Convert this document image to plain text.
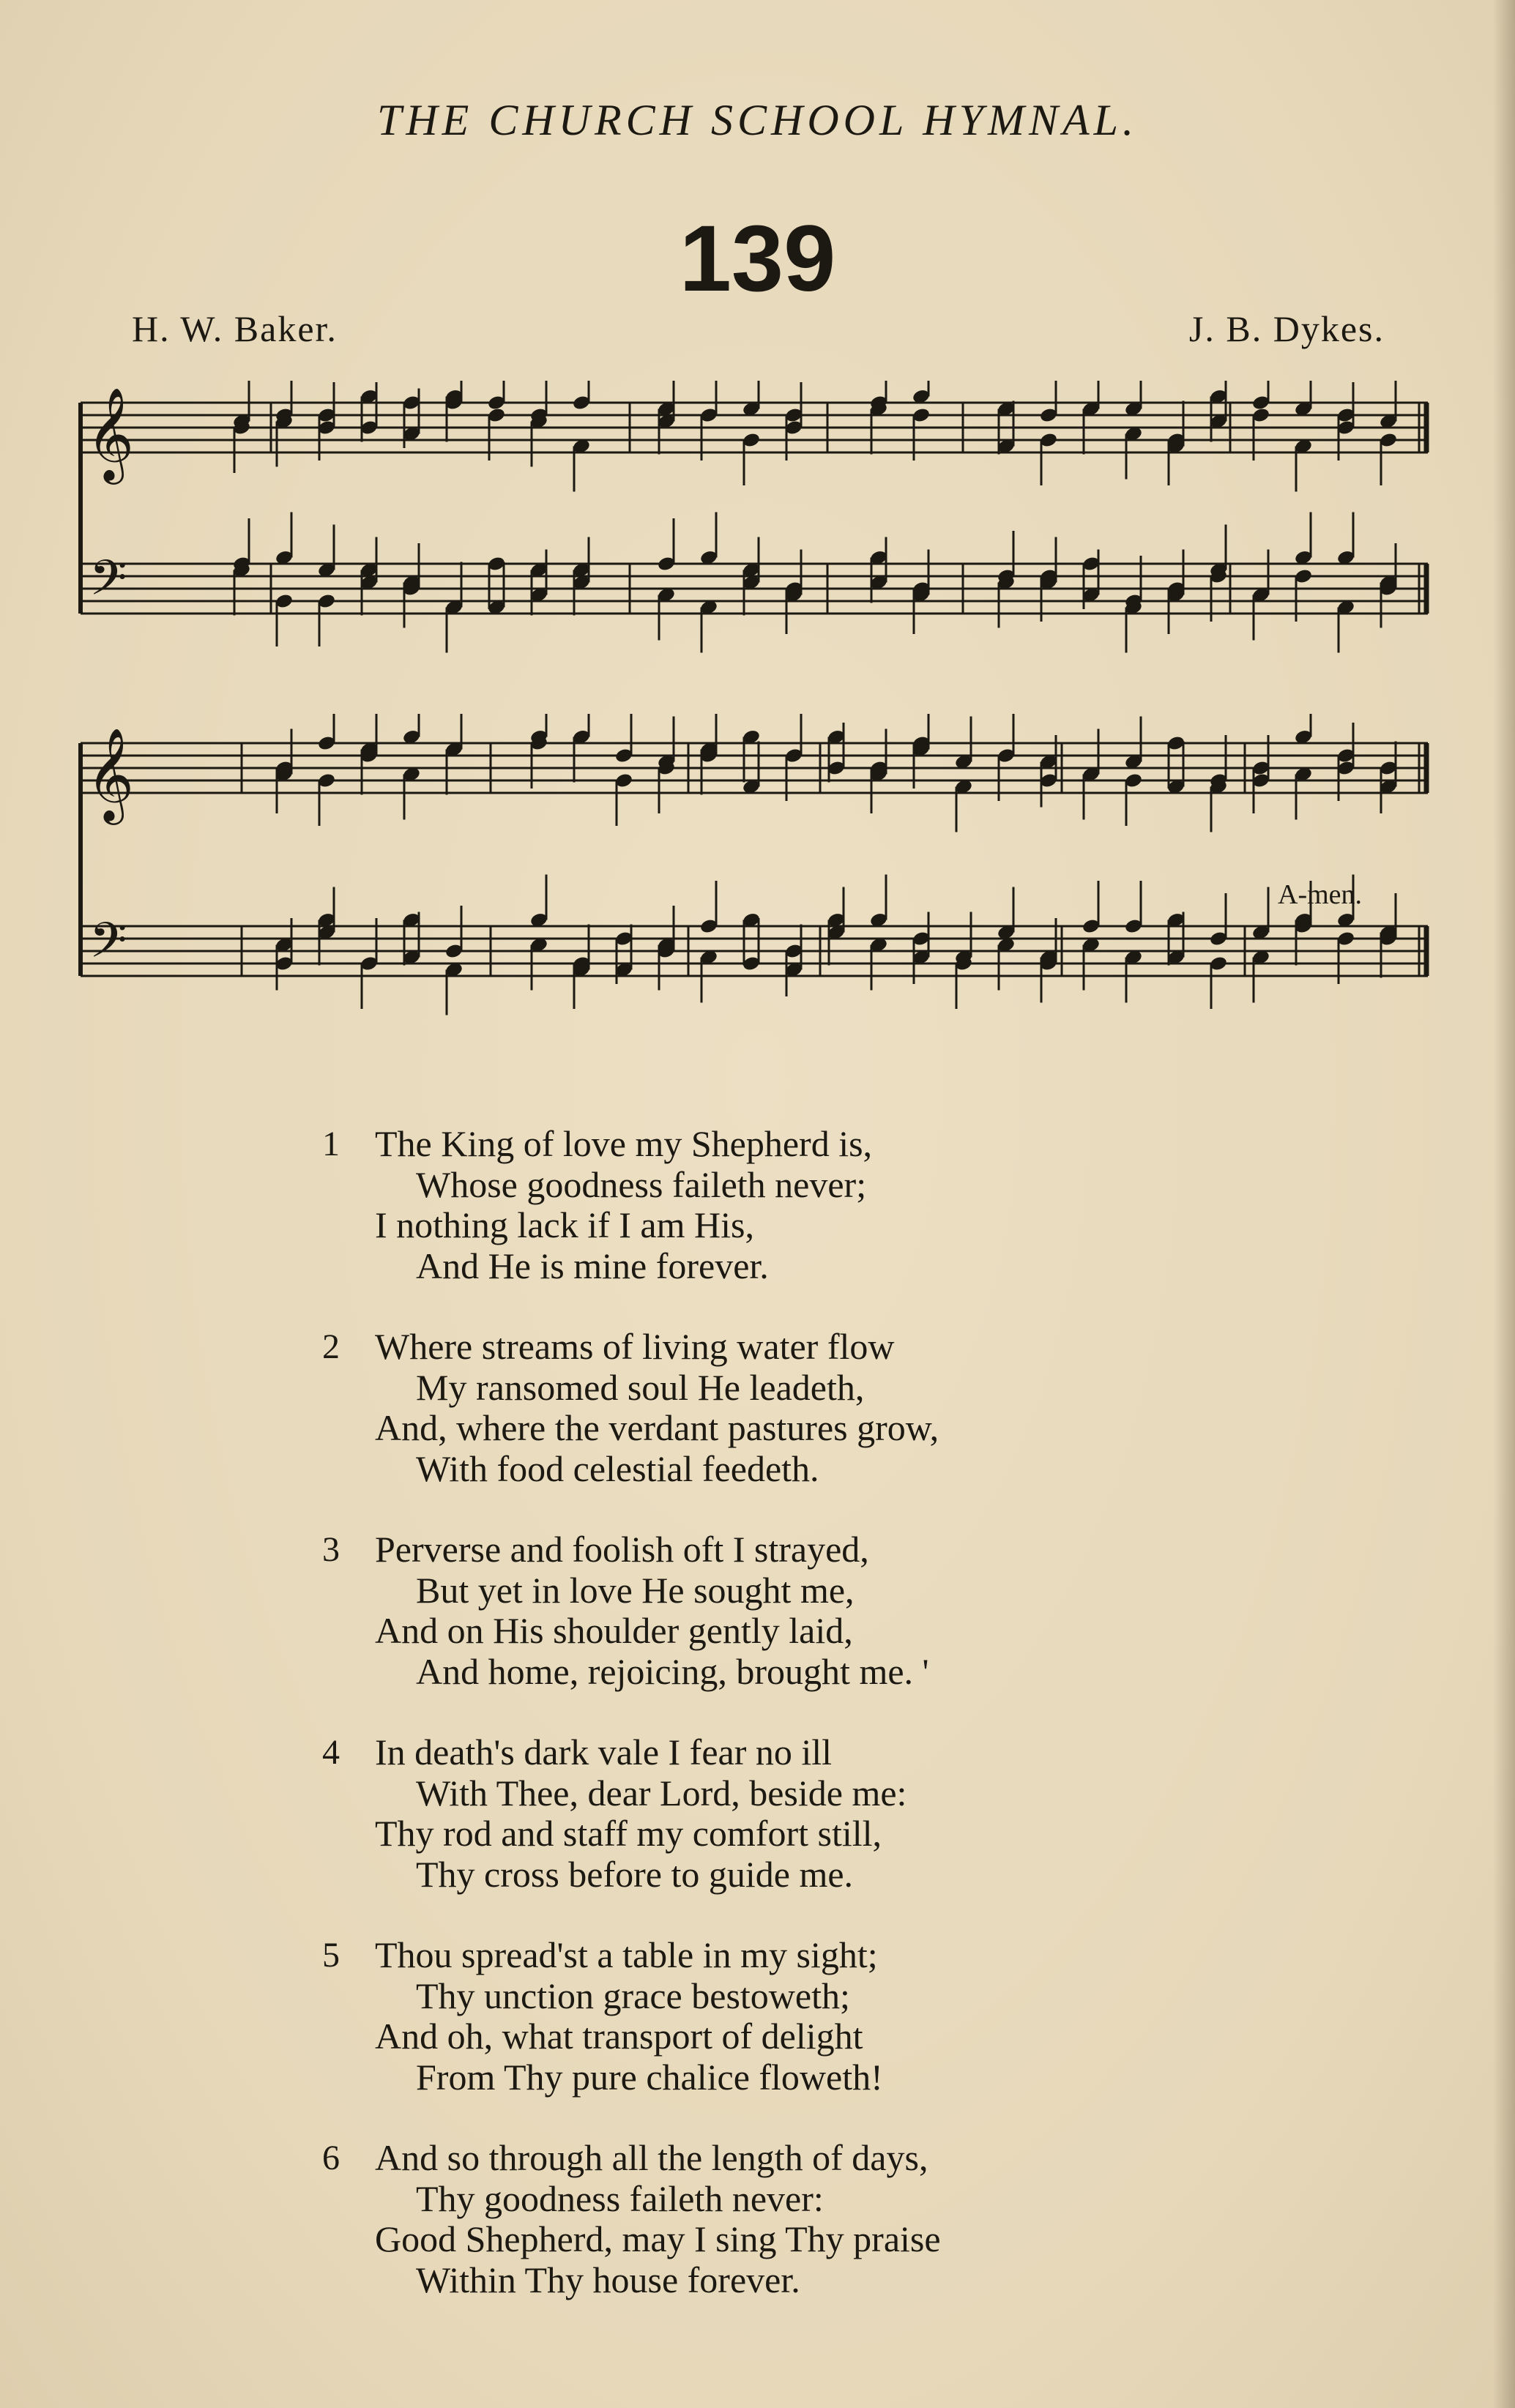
THE CHURCH SCHOOL HYMNAL.
139
H. W. Baker.	J. B. Dykes.
𝄞
𝄢
𝄞
𝄢
A-men.
1 The King of love my Shepherd is,
Whose goodness faileth never;
I nothing lack if I am His,
And He is mine forever.
2 Where streams of living water flow
My ransomed soul He leadeth,
And, where the verdant pastures grow,
With food celestial feedeth.
3 Perverse and foolish oft I strayed,
But yet in love He sought me,
And on His shoulder gently laid,
And home, rejoicing, brought me. '
4 In death's dark vale I fear no ill
With Thee, dear Lord, beside me:
Thy rod and staff my comfort still,
Thy cross before to guide me.
5 Thou spread'st a table in my sight;
Thy unction grace bestoweth;
And oh, what transport of delight
From Thy pure chalice floweth!
6 And so through all the length of days,
Thy goodness faileth never:
Good Shepherd, may I sing Thy praise
Within Thy house forever.
